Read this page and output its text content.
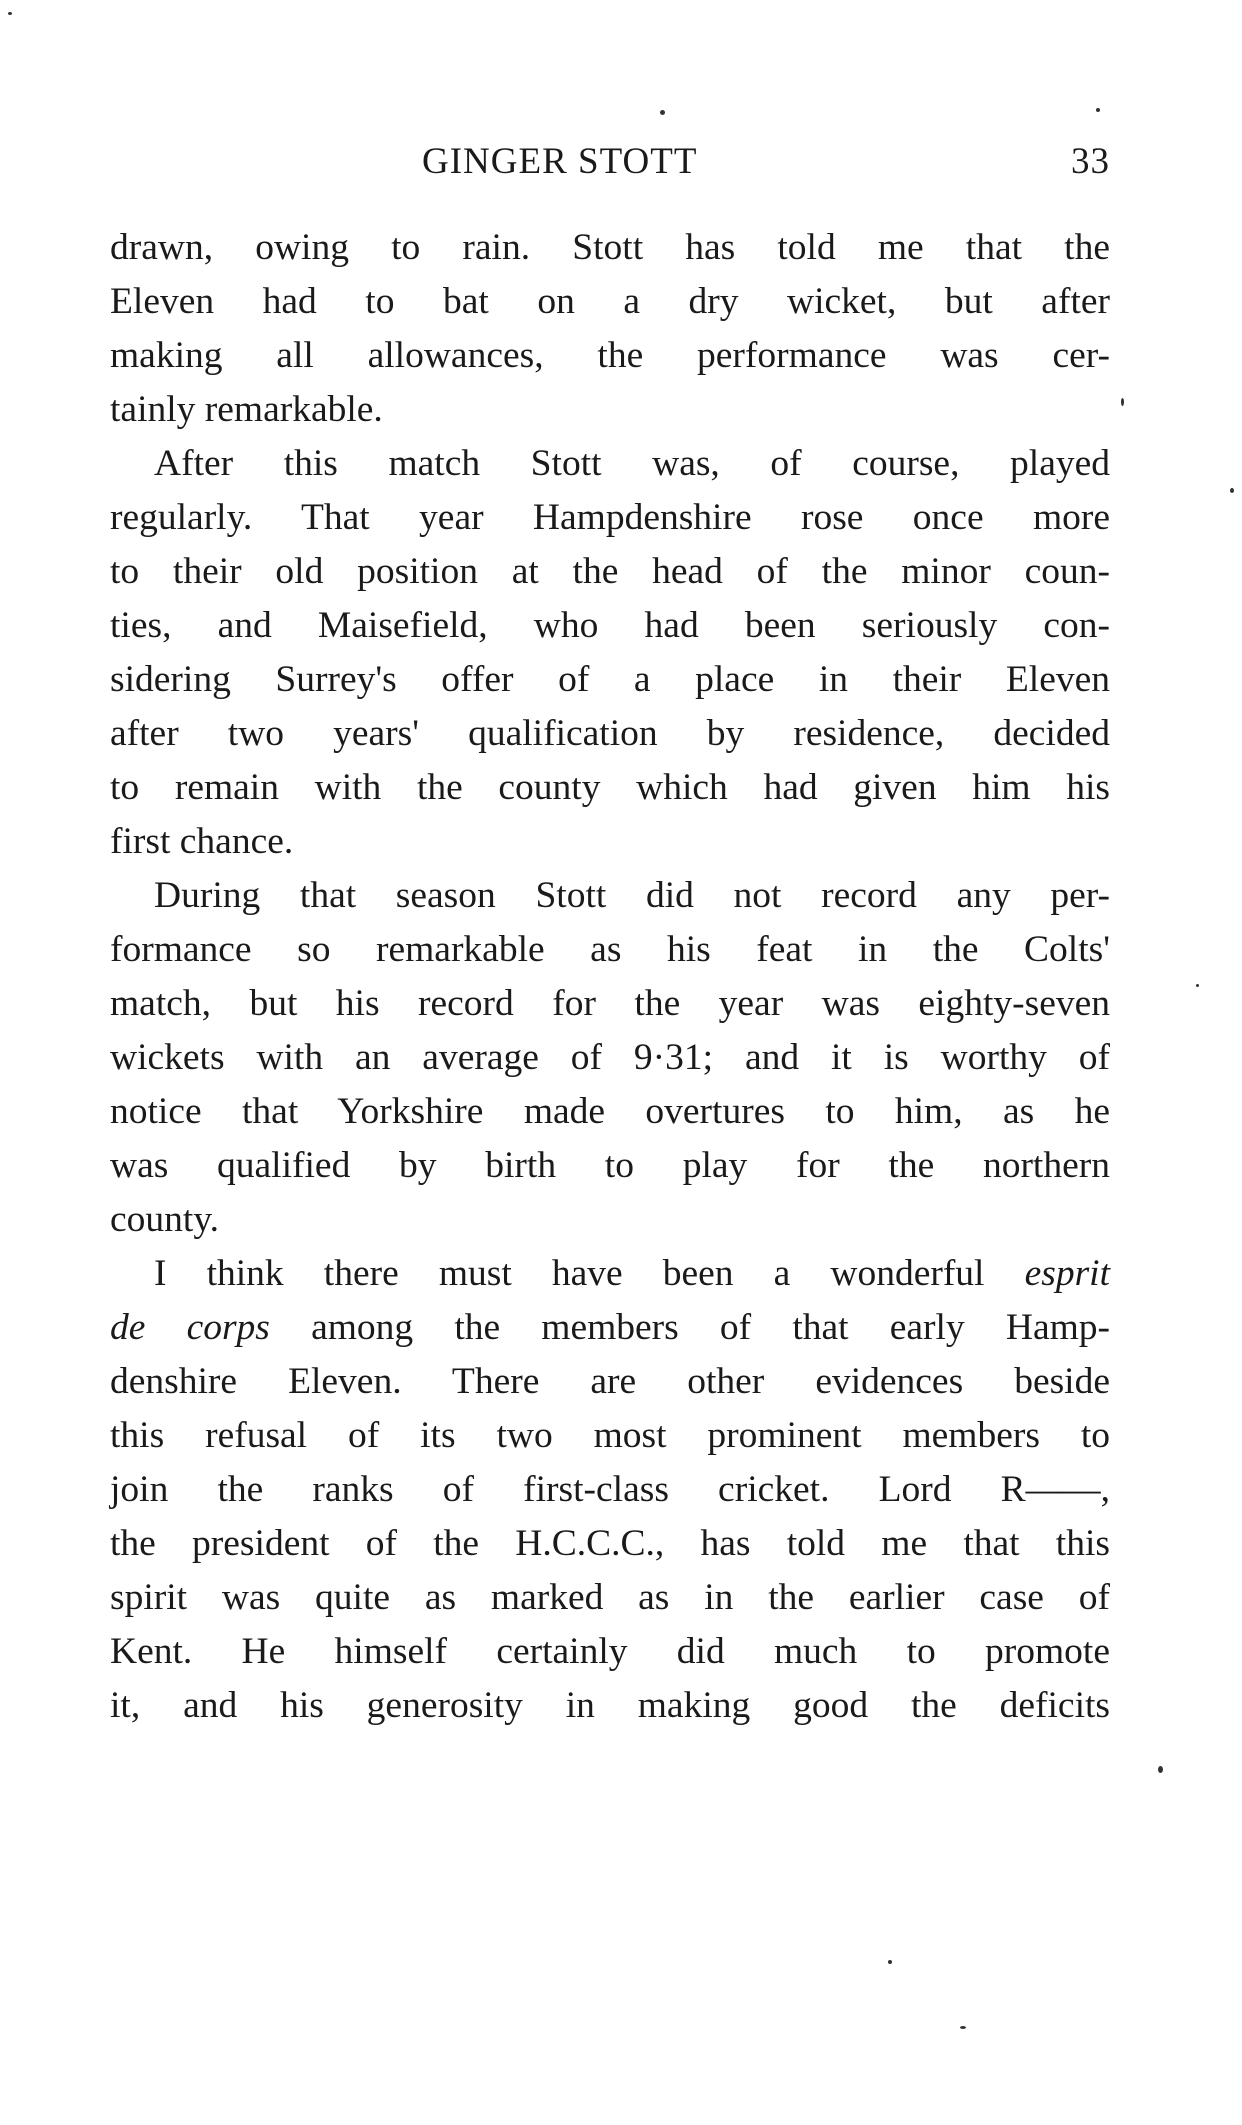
GINGER STOTT	33
drawn, owing to rain. Stott has told me that the
Eleven had to bat on a dry wicket, but after
making all allowances, the performance was cer-
tainly remarkable.
After this match Stott was, of course, played
regularly. That year Hampdenshire rose once more
to their old position at the head of the minor coun-
ties, and Maisefield, who had been seriously con-
sidering Surrey's offer of a place in their Eleven
after two years' qualification by residence, decided
to remain with the county which had given him his
first chance.
During that season Stott did not record any per-
formance so remarkable as his feat in the Colts'
match, but his record for the year was eighty-seven
wickets with an average of 9·31; and it is worthy of
notice that Yorkshire made overtures to him, as he
was qualified by birth to play for the northern
county.
I think there must have been a wonderful esprit
de corps among the members of that early Hamp-
denshire Eleven. There are other evidences beside
this refusal of its two most prominent members to
join the ranks of first-class cricket. Lord R——,
the president of the H.C.C.C., has told me that this
spirit was quite as marked as in the earlier case of
Kent. He himself certainly did much to promote
it, and his generosity in making good the deficits
